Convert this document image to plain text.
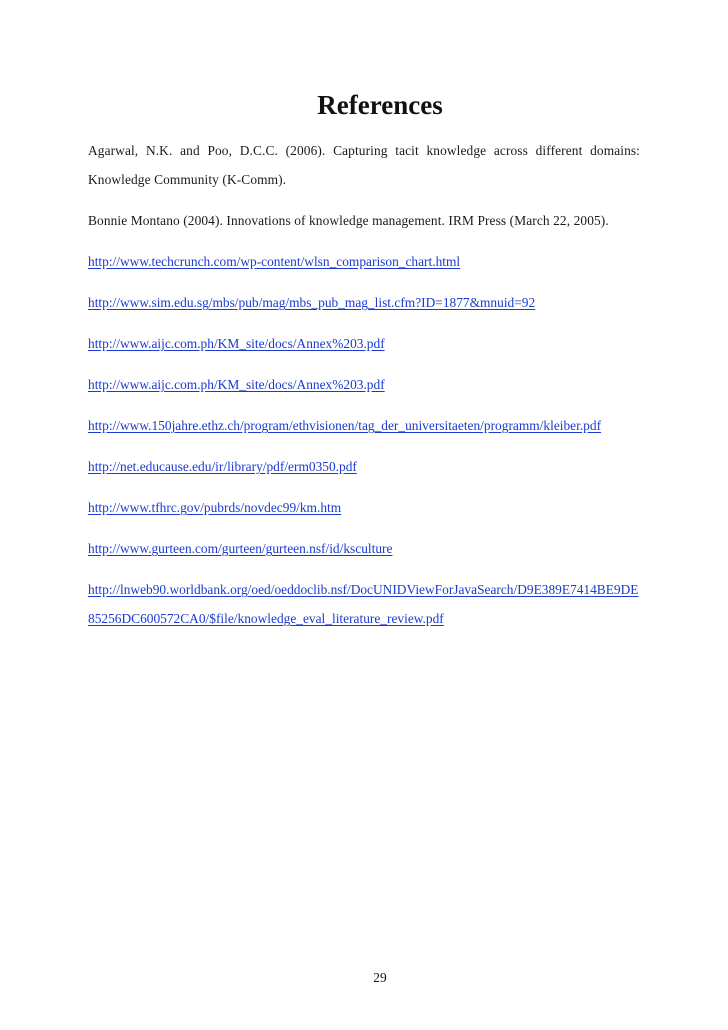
References

Agarwal, N.K. and Poo, D.C.C. (2006). Capturing tacit knowledge across different domains: Knowledge Community (K-Comm).

Bonnie Montano (2004). Innovations of knowledge management. IRM Press (March 22, 2005).

http://www.techcrunch.com/wp-content/wlsn_comparison_chart.html

http://www.sim.edu.sg/mbs/pub/mag/mbs_pub_mag_list.cfm?ID=1877&mnuid=92

http://www.aijc.com.ph/KM_site/docs/Annex%203.pdf

http://www.aijc.com.ph/KM_site/docs/Annex%203.pdf

http://www.150jahre.ethz.ch/program/ethvisionen/tag_der_universitaeten/programm/kleiber.pdf

http://net.educause.edu/ir/library/pdf/erm0350.pdf

http://www.tfhrc.gov/pubrds/novdec99/km.htm

http://www.gurteen.com/gurteen/gurteen.nsf/id/ksculture

http://lnweb90.worldbank.org/oed/oeddoclib.nsf/DocUNIDViewForJavaSearch/D9E389E7414BE9DE85256DC600572CA0/$file/knowledge_eval_literature_review.pdf

29
